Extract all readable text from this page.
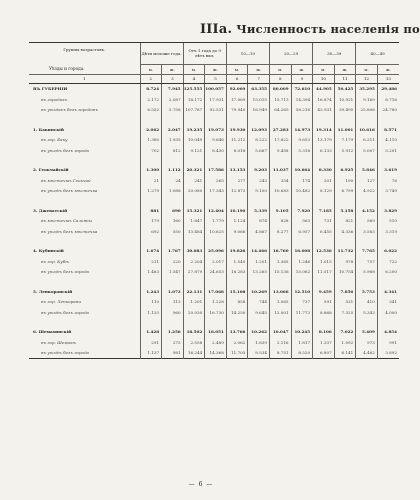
IIIa. Численность населенія по
Группы возрастовъ.	Дѣти моложе года.		Отъ 1 года до 9 лѣтъ вкл.		10—19		20—29		30—39		40—49	
Уѣзды и города.	м.	ж.	м.	ж.	м.	ж.	м.	ж.	м.	ж.	м.	ж.
1	2	3	4	5	6	7	8	9	10	11	12	13
ВЪ ГУБЕРНІИ	8.724	7.945	125.555	100.057	92.009	63.355	80.009	72.610	44.905	50.425	35.295	29.486
въ городахъ	2.172	2.087	18.172	17.931	17.069	15.015	15.713	14.394	16.874	10.921	9.169	8.716
въ уѣздахъ безъ городовъ	6.552	5.758	107.787	92.531	79.940	16.949	64.265	58.216	43.931	39.495	25.806	24.780

1. Бакинскій	2.062	2.047	19.235	19.073	19.930	12.093	27.283	14.973	19.314	11.001	10.616	8.571
въ гор. Баку	1.380	1.935	10.049	9.646	11.212	8.222	17.822	9.653	13.179	7.179	6.211	4.110
въ уѣздѣ безъ города	702	812	9.121	8.430	8.018	5.667	9.458	5.318	6.133	5.912	5.007	5.201

2. Геокчайскій	1.300	1.112	20.321	17.586	13.153	9.203	11.037	10.664	8.330	6.925	5.846	3.619
въ мѣстечкѣ Геокчай	21	24	241	265	277	243	354	174	201	190	127	76
въ уѣздѣ безъ мѣстечка	1.279	1.088	20.080	17.343	12.873	9.100	10.683	10.482	8.129	6.799	4.922	3.749

3. Джеватскій	881	690	15.321	12.404	10.190	5.339	9.105	7.920	7.185	5.158	4.152	3.829
въ мѣстечкѣ Сальяны	179	160	1.847	1.779	1.124	874	828	563	731	821	569	510
въ уѣздѣ безъ мѣстечка	692	550	13.484	10.625	9.066	4.867	8.277	6.957	6.455	4.336	3.583	3.319

4. Кубинскій	1.674	1.767	30.083	25.096	19.826	14.466	16.760	16.008	12.536	11.732	7.765	6.022
въ гор. Кубѣ	211	220	2.204	2.017	1.545	1.201	1.365	1.246	1.015	978	757	722
въ уѣздѣ безъ города	1.463	1.547	27.879	24.653	18.283	13.265	15.136	15.062	11.517	10.754	5.968	6.200

5. Ленкоранскій	1.243	1.073	22.131	17.068	15.108	10.269	13.066	12.510	9.459	7.856	5.753	4.341
въ гор. Ленкорани	110	113	1.201	1.228	858	744	1.065	737	591	531	410	341
въ уѣздѣ безъ города	1.133	960	20.930	16.730	14.250	9.645	12.001	11.773	8.868	7.325	5.343	4.000

6. Шемахинскій	1.428	1.256	18.502	16.051	13.766	10.262	10.047	10.245	8.106	7.022	5.409	4.854
въ гор. Шемахѣ	291	275	2.558	2.489	2.062	1.839	2.116	1.817	1.337	1.092	973	991
въ уѣздѣ безъ города	1.137	981	16.244	14.368	11.705	8.534	8.751	8.520	6.807	6.141	4.462	3.892
— 6 —
